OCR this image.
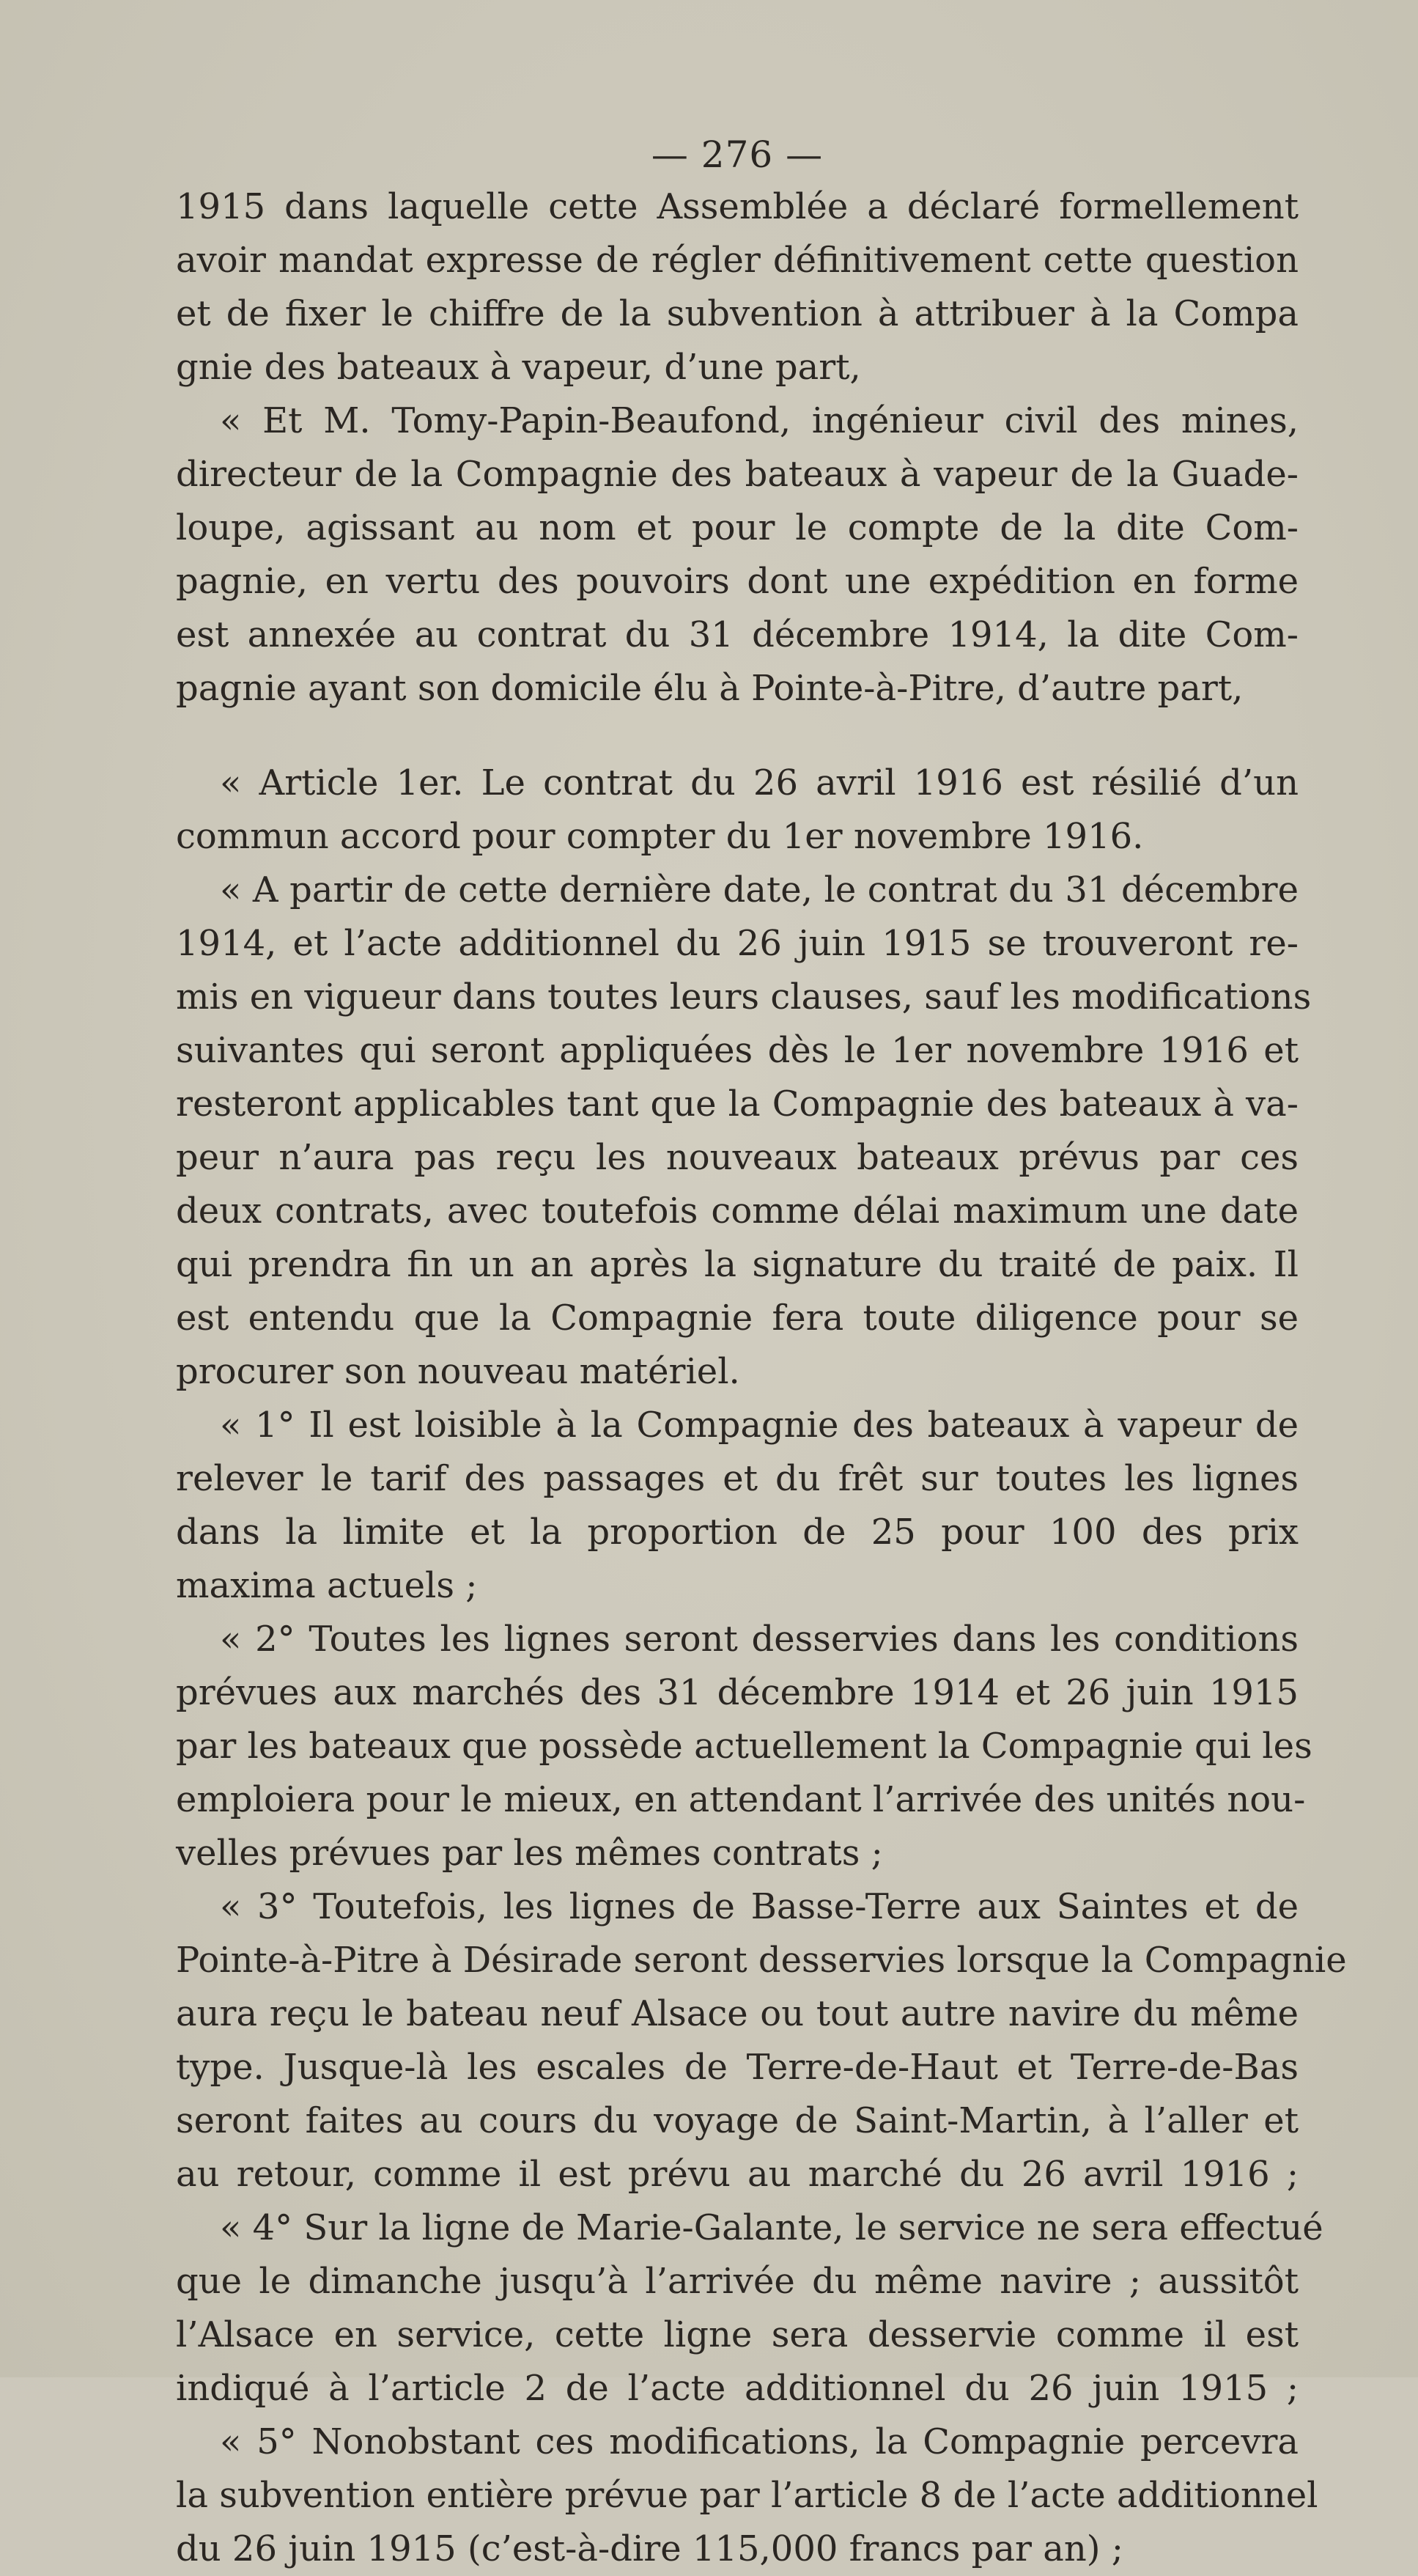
— 276 —
1915 dans laquelle cette Assemblée a déclaré formellement
avoir mandat expresse de régler définitivement cette question
et de fixer le chiffre de la subvention à attribuer à la Compa
gnie des bateaux à vapeur, d’une part,
« Et M. Tomy-Papin-Beaufond, ingénieur civil des mines,
directeur de la Compagnie des bateaux à vapeur de la Guade-
loupe, agissant au nom et pour le compte de la dite Com-
pagnie, en vertu des pouvoirs dont une expédition en forme
est annexée au contrat du 31 décembre 1914, la dite Com-
pagnie ayant son domicile élu à Pointe-à-Pitre, d’autre part,
« Article 1er. Le contrat du 26 avril 1916 est résilié d’un
commun accord pour compter du 1er novembre 1916.
« A partir de cette dernière date, le contrat du 31 décembre
1914, et l’acte additionnel du 26 juin 1915 se trouveront re-
mis en vigueur dans toutes leurs clauses, sauf les modifications
suivantes qui seront appliquées dès le 1er novembre 1916 et
resteront applicables tant que la Compagnie des bateaux à va-
peur n’aura pas reçu les nouveaux bateaux prévus par ces
deux contrats, avec toutefois comme délai maximum une date
qui prendra fin un an après la signature du traité de paix. Il
est entendu que la Compagnie fera toute diligence pour se
procurer son nouveau matériel.
« 1° Il est loisible à la Compagnie des bateaux à vapeur de
relever le tarif des passages et du frêt sur toutes les lignes
dans la limite et la proportion de 25 pour 100 des prix
maxima actuels ;
« 2° Toutes les lignes seront desservies dans les conditions
prévues aux marchés des 31 décembre 1914 et 26 juin 1915
par les bateaux que possède actuellement la Compagnie qui les
emploiera pour le mieux, en attendant l’arrivée des unités nou-
velles prévues par les mêmes contrats ;
« 3° Toutefois, les lignes de Basse-Terre aux Saintes et de
Pointe-à-Pitre à Désirade seront desservies lorsque la Compagnie
aura reçu le bateau neuf Alsace ou tout autre navire du même
type. Jusque-là les escales de Terre-de-Haut et Terre-de-Bas
seront faites au cours du voyage de Saint-Martin, à l’aller et
au retour, comme il est prévu au marché du 26 avril 1916 ;
« 4° Sur la ligne de Marie-Galante, le service ne sera effectué
que le dimanche jusqu’à l’arrivée du même navire ; aussitôt
l’Alsace en service, cette ligne sera desservie comme il est
indiqué à l’article 2 de l’acte additionnel du 26 juin 1915 ;
« 5° Nonobstant ces modifications, la Compagnie percevra
la subvention entière prévue par l’article 8 de l’acte additionnel
du 26 juin 1915 (c’est-à-dire 115,000 francs par an) ;
